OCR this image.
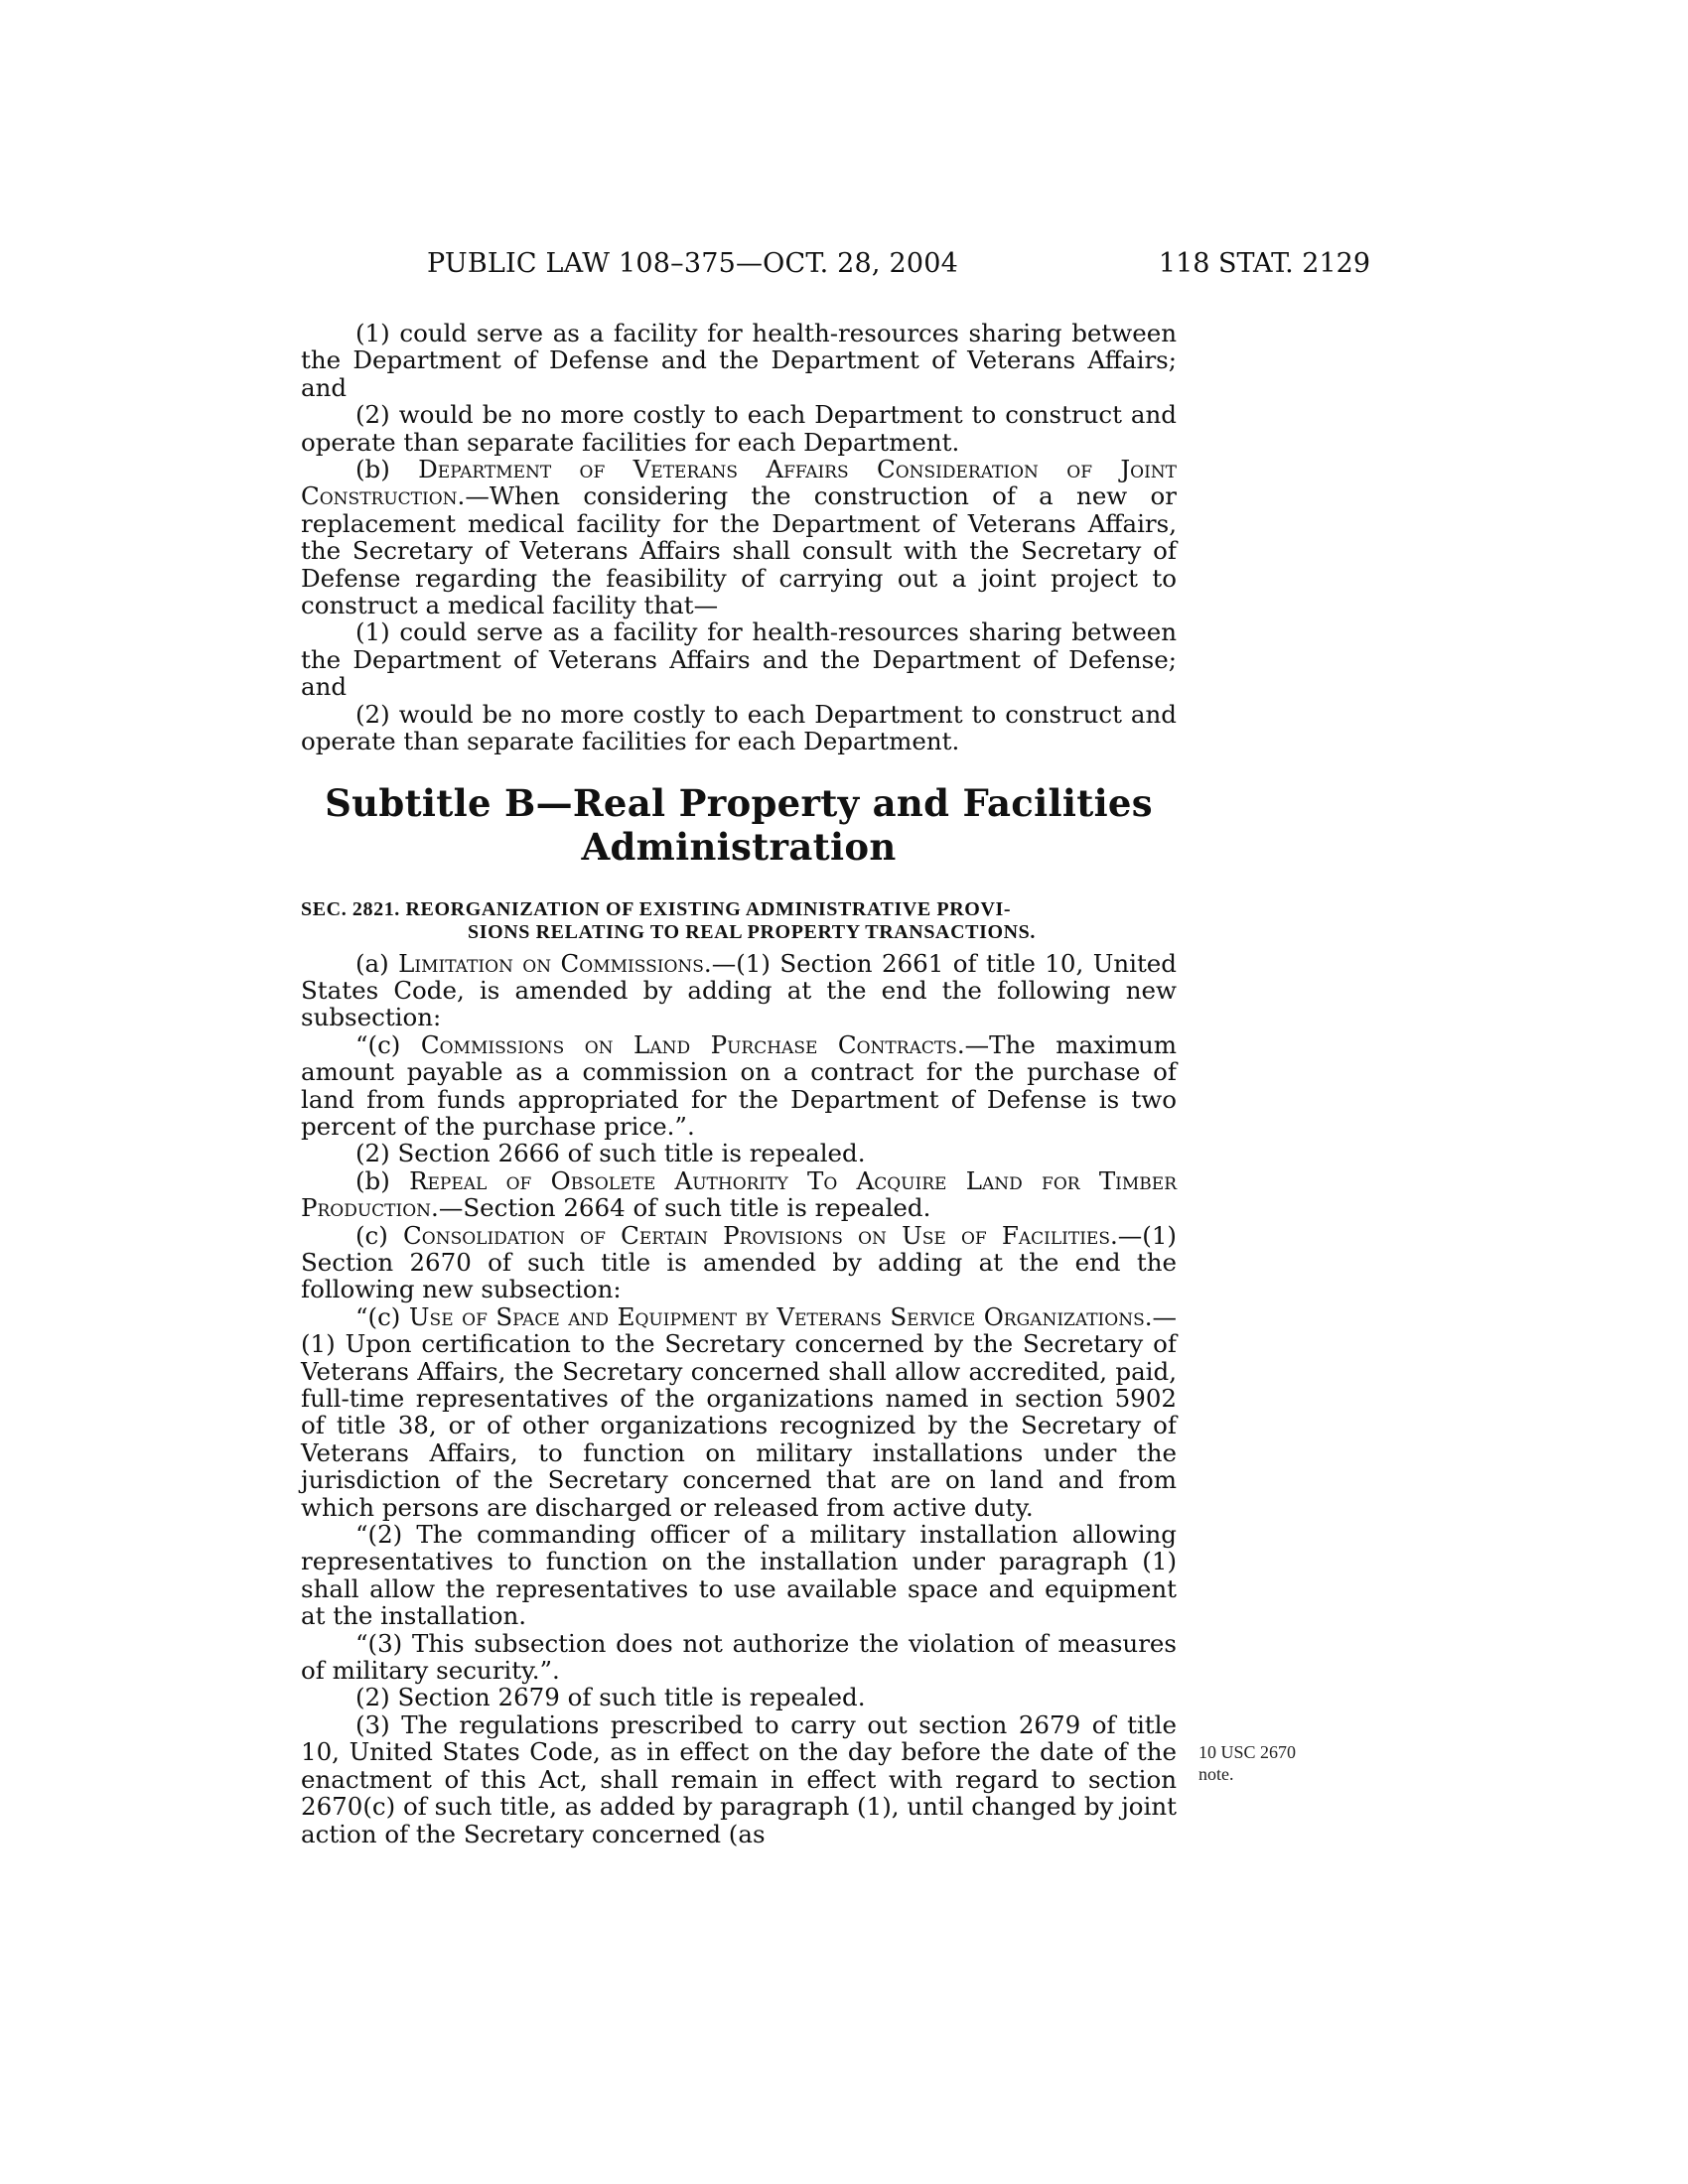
PUBLIC LAW 108–375—OCT. 28, 2004	118 STAT. 2129

(1) could serve as a facility for health-resources sharing between the Department of Defense and the Department of Veterans Affairs; and

(2) would be no more costly to each Department to construct and operate than separate facilities for each Department.

(b) Department of Veterans Affairs Consideration of Joint Construction.—When considering the construction of a new or replacement medical facility for the Department of Veterans Affairs, the Secretary of Veterans Affairs shall consult with the Secretary of Defense regarding the feasibility of carrying out a joint project to construct a medical facility that—

(1) could serve as a facility for health-resources sharing between the Department of Veterans Affairs and the Department of Defense; and

(2) would be no more costly to each Department to construct and operate than separate facilities for each Department.

Subtitle B—Real Property and Facilities
Administration
SEC. 2821. REORGANIZATION OF EXISTING ADMINISTRATIVE PROVI-
SIONS RELATING TO REAL PROPERTY TRANSACTIONS.

(a) Limitation on Commissions.—(1) Section 2661 of title 10, United States Code, is amended by adding at the end the following new subsection:

“(c) Commissions on Land Purchase Contracts.—The maximum amount payable as a commission on a contract for the purchase of land from funds appropriated for the Department of Defense is two percent of the purchase price.”.

(2) Section 2666 of such title is repealed.

(b) Repeal of Obsolete Authority To Acquire Land for Timber Production.—Section 2664 of such title is repealed.

(c) Consolidation of Certain Provisions on Use of Facilities.—(1) Section 2670 of such title is amended by adding at the end the following new subsection:

“(c) Use of Space and Equipment by Veterans Service Organizations.—(1) Upon certification to the Secretary concerned by the Secretary of Veterans Affairs, the Secretary concerned shall allow accredited, paid, full-time representatives of the organizations named in section 5902 of title 38, or of other organizations recognized by the Secretary of Veterans Affairs, to function on military installations under the jurisdiction of the Secretary concerned that are on land and from which persons are discharged or released from active duty.

“(2) The commanding officer of a military installation allowing representatives to function on the installation under paragraph (1) shall allow the representatives to use available space and equipment at the installation.

“(3) This subsection does not authorize the violation of measures of military security.”.

(2) Section 2679 of such title is repealed.

(3) The regulations prescribed to carry out section 2679 of title 10, United States Code, as in effect on the day before the date of the enactment of this Act, shall remain in effect with regard to section 2670(c) of such title, as added by paragraph (1), until changed by joint action of the Secretary concerned (as

10 USC 2670
note.
